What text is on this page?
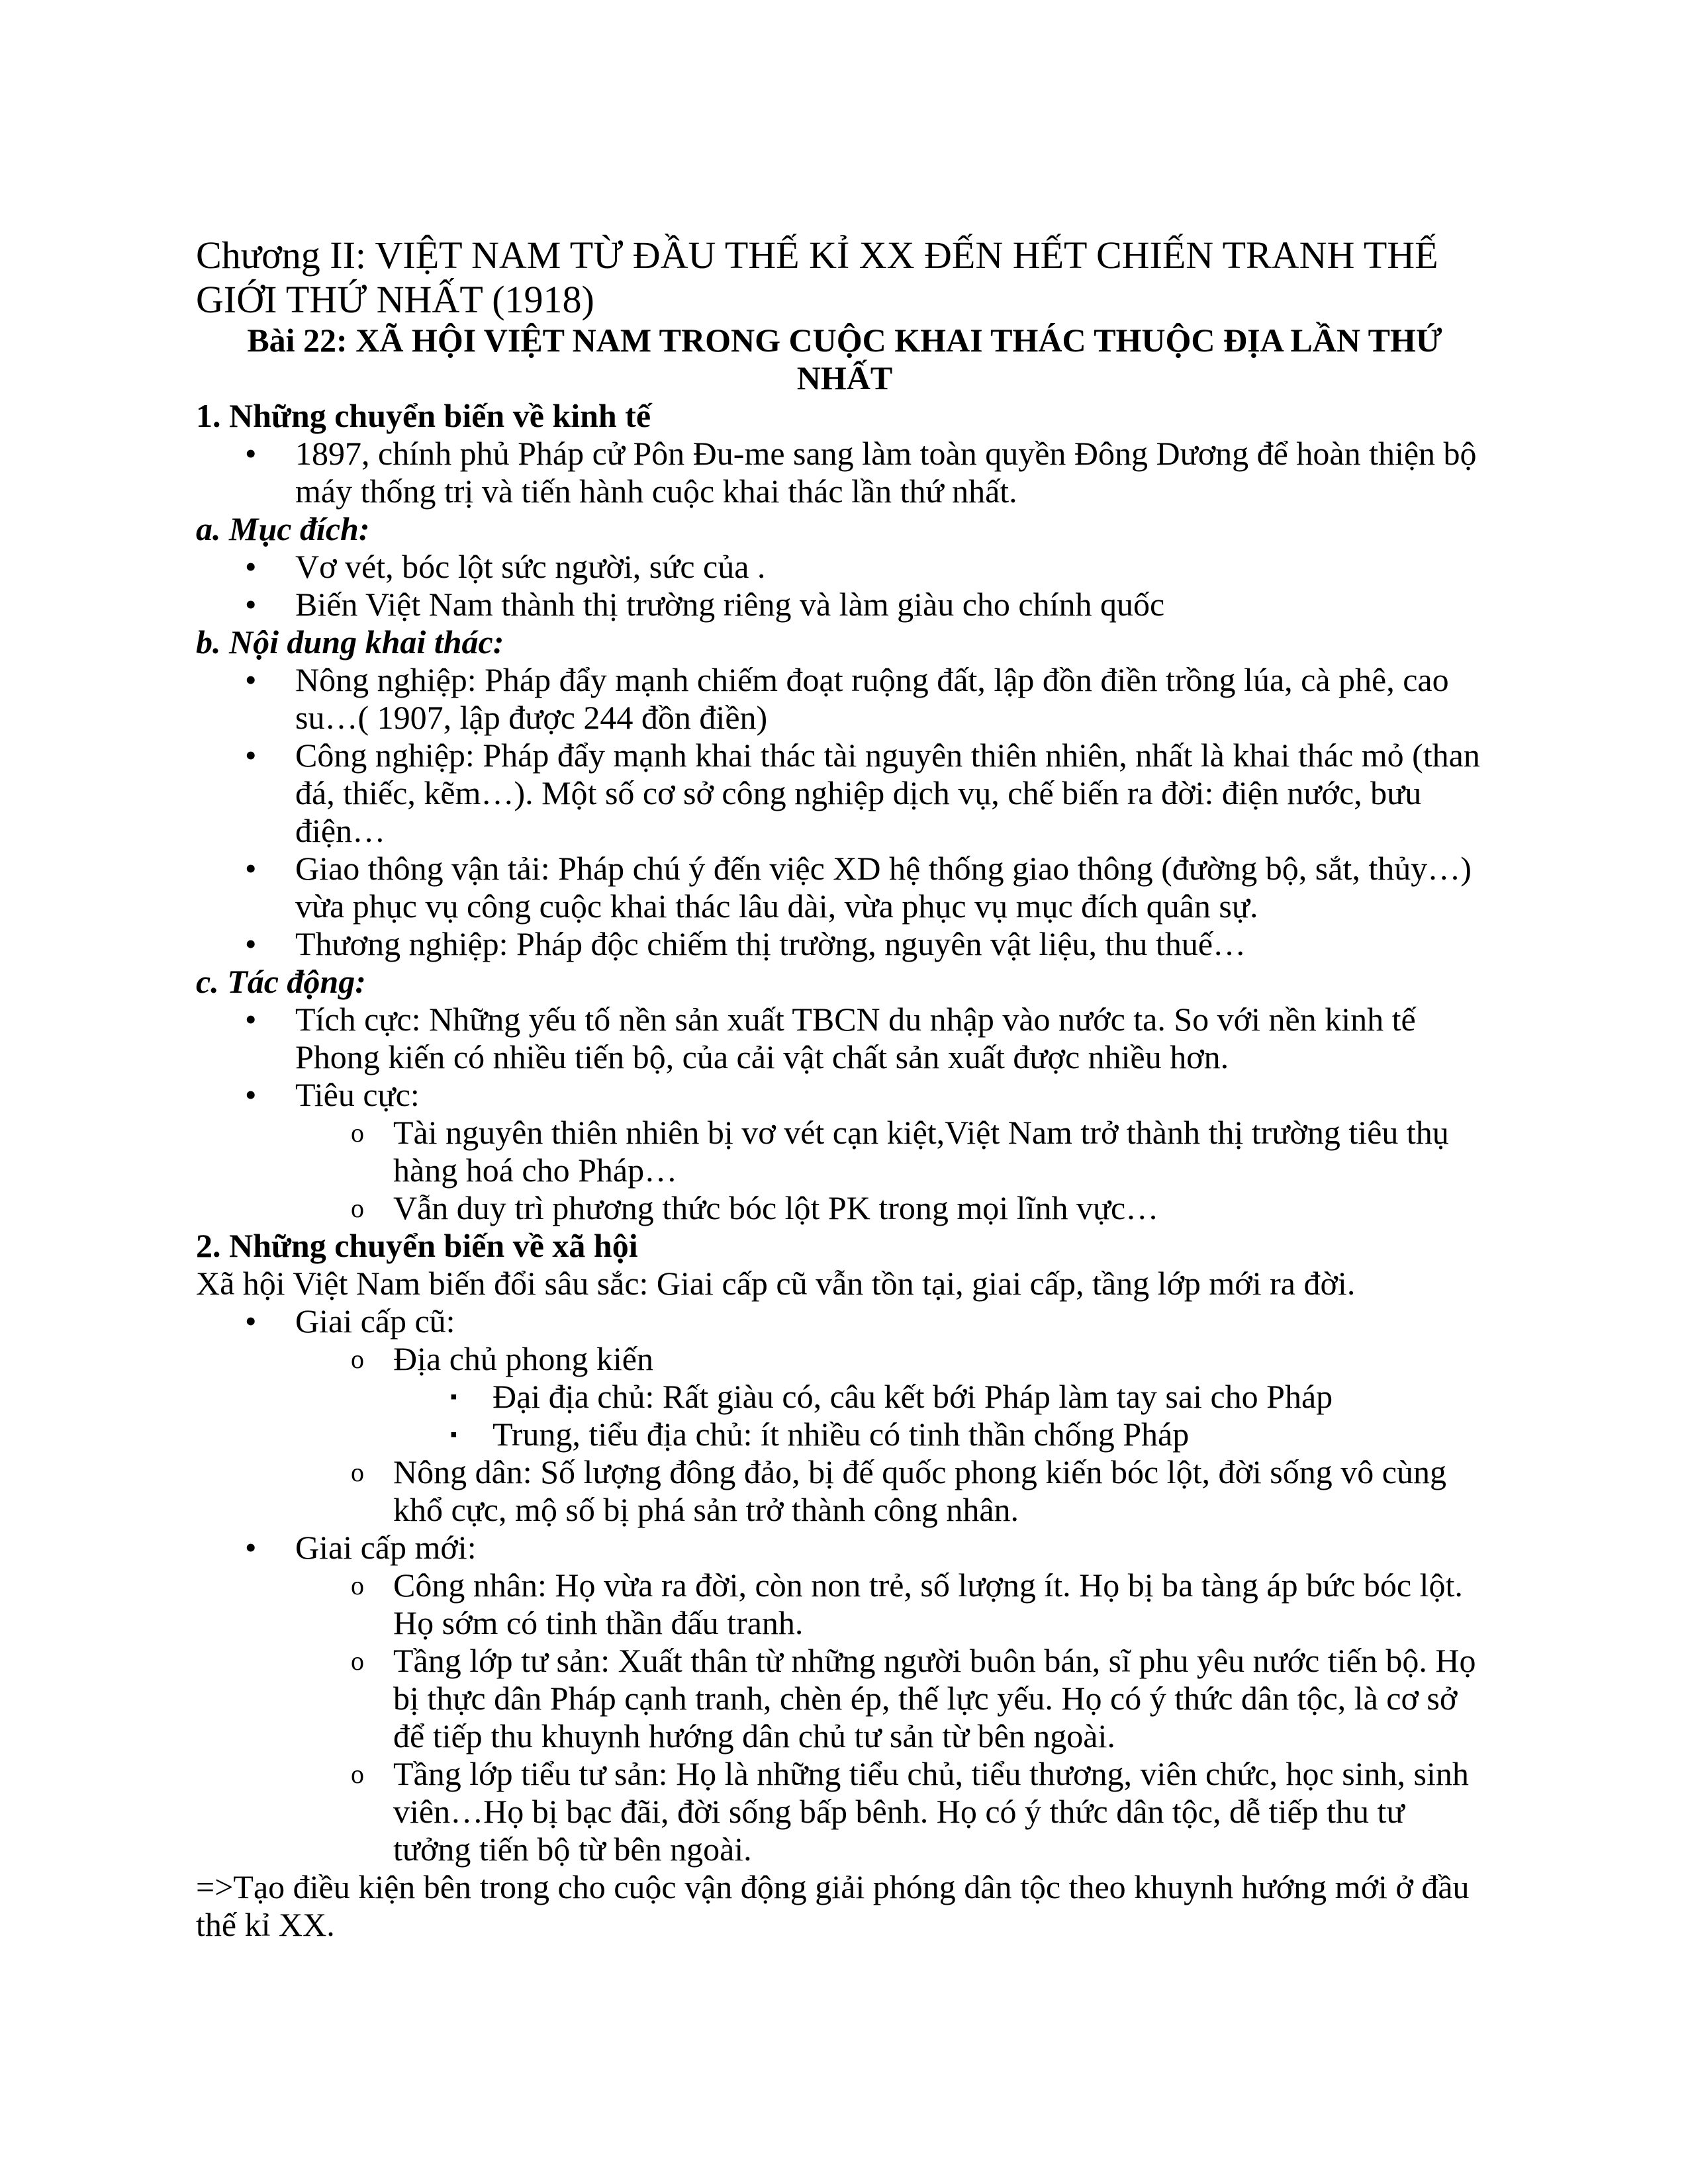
Chương II: VIỆT NAM TỪ ĐẦU THẾ KỈ XX ĐẾN HẾT CHIẾN TRANH THẾ
GIỚI THỨ NHẤT (1918)
Bài 22: XÃ HỘI VIỆT NAM TRONG CUỘC KHAI THÁC THUỘC ĐỊA LẦN THỨ
NHẤT
1. Những chuyển biến về kinh tế
• 1897, chính phủ Pháp cử Pôn Đu-me sang làm toàn quyền Đông Dương để hoàn thiện bộ
máy thống trị và tiến hành cuộc khai thác lần thứ nhất.
a. Mục đích:
• Vơ vét, bóc lột sức người, sức của .
• Biến Việt Nam thành thị trường riêng và làm giàu cho chính quốc
b. Nội dung khai thác:
• Nông nghiệp: Pháp đẩy mạnh chiếm đoạt ruộng đất, lập đồn điền trồng lúa, cà phê, cao
su…( 1907, lập được 244 đồn điền)
• Công nghiệp: Pháp đẩy mạnh khai thác tài nguyên thiên nhiên, nhất là khai thác mỏ (than
đá, thiếc, kẽm…). Một số cơ sở công nghiệp dịch vụ, chế biến ra đời: điện nước, bưu
điện…
• Giao thông vận tải: Pháp chú ý đến việc XD hệ thống giao thông (đường bộ, sắt, thủy…)
vừa phục vụ công cuộc khai thác lâu dài, vừa phục vụ mục đích quân sự.
• Thương nghiệp: Pháp độc chiếm thị trường, nguyên vật liệu, thu thuế…
c. Tác động:
• Tích cực: Những yếu tố nền sản xuất TBCN du nhập vào nước ta. So với nền kinh tế
Phong kiến có nhiều tiến bộ, của cải vật chất sản xuất được nhiều hơn.
• Tiêu cực:
o Tài nguyên thiên nhiên bị vơ vét cạn kiệt,Việt Nam trở thành thị trường tiêu thụ
hàng hoá cho Pháp…
o Vẫn duy trì phương thức bóc lột PK trong mọi lĩnh vực…
2. Những chuyển biến về xã hội
Xã hội Việt Nam biến đổi sâu sắc: Giai cấp cũ vẫn tồn tại, giai cấp, tầng lớp mới ra đời.
• Giai cấp cũ:
o Địa chủ phong kiến
▪ Đại địa chủ: Rất giàu có, câu kết bới Pháp làm tay sai cho Pháp
▪ Trung, tiểu địa chủ: ít nhiều có tinh thần chống Pháp
o Nông dân: Số lượng đông đảo, bị đế quốc phong kiến bóc lột, đời sống vô cùng
khổ cực, mộ số bị phá sản trở thành công nhân.
• Giai cấp mới:
o Công nhân: Họ vừa ra đời, còn non trẻ, số lượng ít. Họ bị ba tàng áp bức bóc lột.
Họ sớm có tinh thần đấu tranh.
o Tầng lớp tư sản: Xuất thân từ những người buôn bán, sĩ phu yêu nước tiến bộ. Họ
bị thực dân Pháp cạnh tranh, chèn ép, thế lực yếu. Họ có ý thức dân tộc, là cơ sở
để tiếp thu khuynh hướng dân chủ tư sản từ bên ngoài.
o Tầng lớp tiểu tư sản: Họ là những tiểu chủ, tiểu thương, viên chức, học sinh, sinh
viên…Họ bị bạc đãi, đời sống bấp bênh. Họ có ý thức dân tộc, dễ tiếp thu tư
tưởng tiến bộ từ bên ngoài.
=>Tạo điều kiện bên trong cho cuộc vận động giải phóng dân tộc theo khuynh hướng mới ở đầu
thế kỉ XX.
